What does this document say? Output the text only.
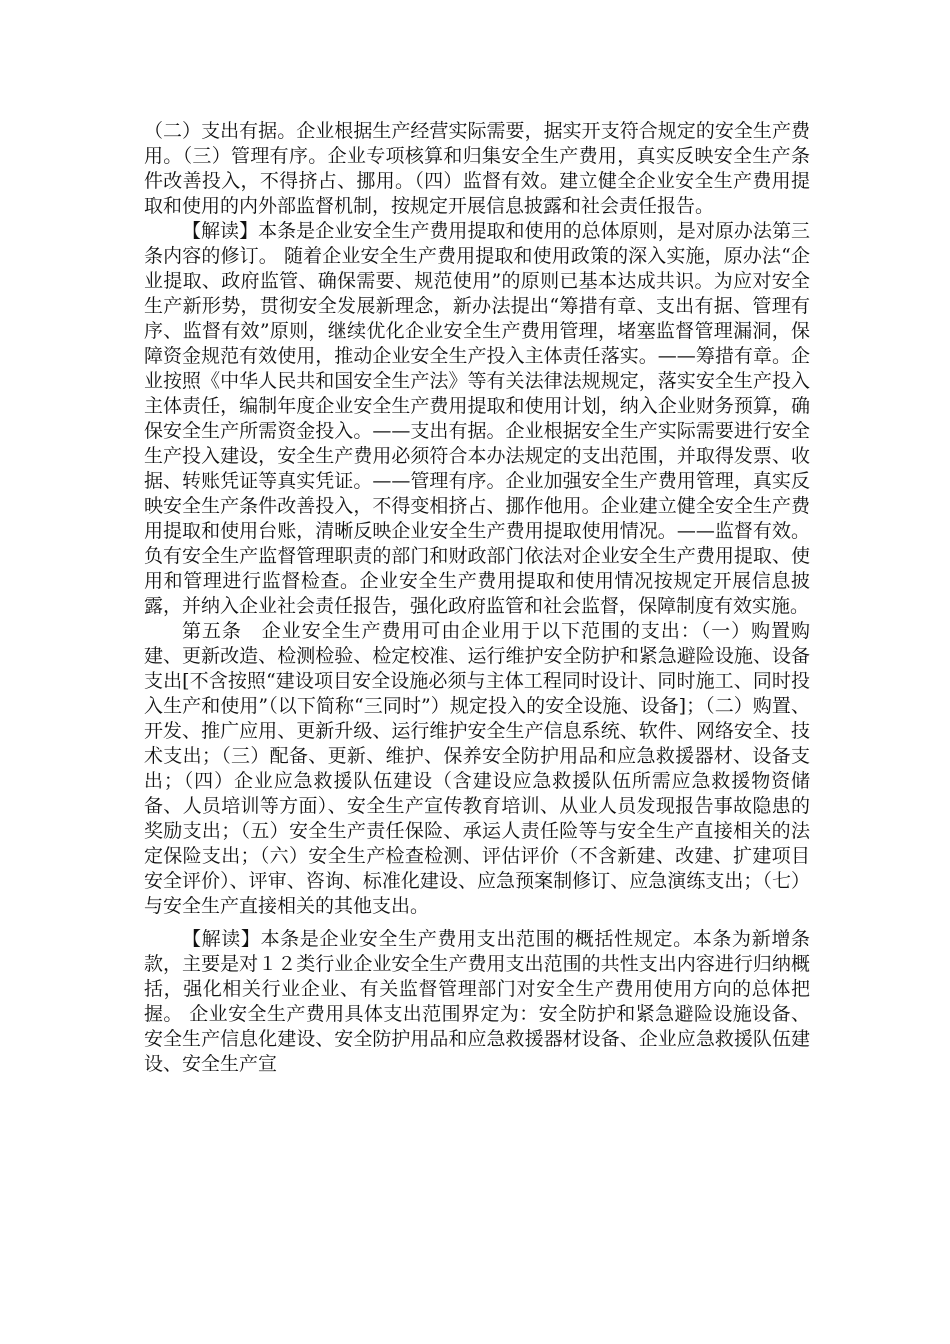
（二）支出有据。企业根据生产经营实际需要，据实开支符合规定的安全生产费用。（三）管理有序。企业专项核算和归集安全生产费用，真实反映安全生产条件改善投入，不得挤占、挪用。（四）监督有效。建立健全企业安全生产费用提取和使用的内外部监督机制，按规定开展信息披露和社会责任报告。

【解读】本条是企业安全生产费用提取和使用的总体原则，是对原办法第三条内容的修订。 随着企业安全生产费用提取和使用政策的深入实施，原办法“企业提取、政府监管、确保需要、规范使用”的原则已基本达成共识。为应对安全生产新形势，贯彻安全发展新理念，新办法提出“筹措有章、支出有据、管理有序、监督有效”原则，继续优化企业安全生产费用管理，堵塞监督管理漏洞，保障资金规范有效使用，推动企业安全生产投入主体责任落实。——筹措有章。企业按照《中华人民共和国安全生产法》等有关法律法规规定，落实安全生产投入主体责任，编制年度企业安全生产费用提取和使用计划，纳入企业财务预算，确保安全生产所需资金投入。——支出有据。企业根据安全生产实际需要进行安全生产投入建设，安全生产费用必须符合本办法规定的支出范围，并取得发票、收据、转账凭证等真实凭证。——管理有序。企业加强安全生产费用管理，真实反映安全生产条件改善投入，不得变相挤占、挪作他用。企业建立健全安全生产费用提取和使用台账，清晰反映企业安全生产费用提取使用情况。——监督有效。负有安全生产监督管理职责的部门和财政部门依法对企业安全生产费用提取、使用和管理进行监督检查。企业安全生产费用提取和使用情况按规定开展信息披露，并纳入企业社会责任报告，强化政府监管和社会监督，保障制度有效实施。

第五条　企业安全生产费用可由企业用于以下范围的支出：（一）购置购建、更新改造、检测检验、检定校准、运行维护安全防护和紧急避险设施、设备支出[不含按照“建设项目安全设施必须与主体工程同时设计、同时施工、同时投入生产和使用”（以下简称“三同时”）规定投入的安全设施、设备]；（二）购置、开发、推广应用、更新升级、运行维护安全生产信息系统、软件、网络安全、技术支出；（三）配备、更新、维护、保养安全防护用品和应急救援器材、设备支出；（四）企业应急救援队伍建设（含建设应急救援队伍所需应急救援物资储备、人员培训等方面）、安全生产宣传教育培训、从业人员发现报告事故隐患的奖励支出；（五）安全生产责任保险、承运人责任险等与安全生产直接相关的法定保险支出；（六）安全生产检查检测、评估评价（不含新建、改建、扩建项目安全评价）、评审、咨询、标准化建设、应急预案制修订、应急演练支出；（七）与安全生产直接相关的其他支出。

【解读】本条是企业安全生产费用支出范围的概括性规定。本条为新增条款，主要是对１２类行业企业安全生产费用支出范围的共性支出内容进行归纳概括，强化相关行业企业、有关监督管理部门对安全生产费用使用方向的总体把握。 企业安全生产费用具体支出范围界定为：安全防护和紧急避险设施设备、安全生产信息化建设、安全防护用品和应急救援器材设备、企业应急救援队伍建设、安全生产宣
